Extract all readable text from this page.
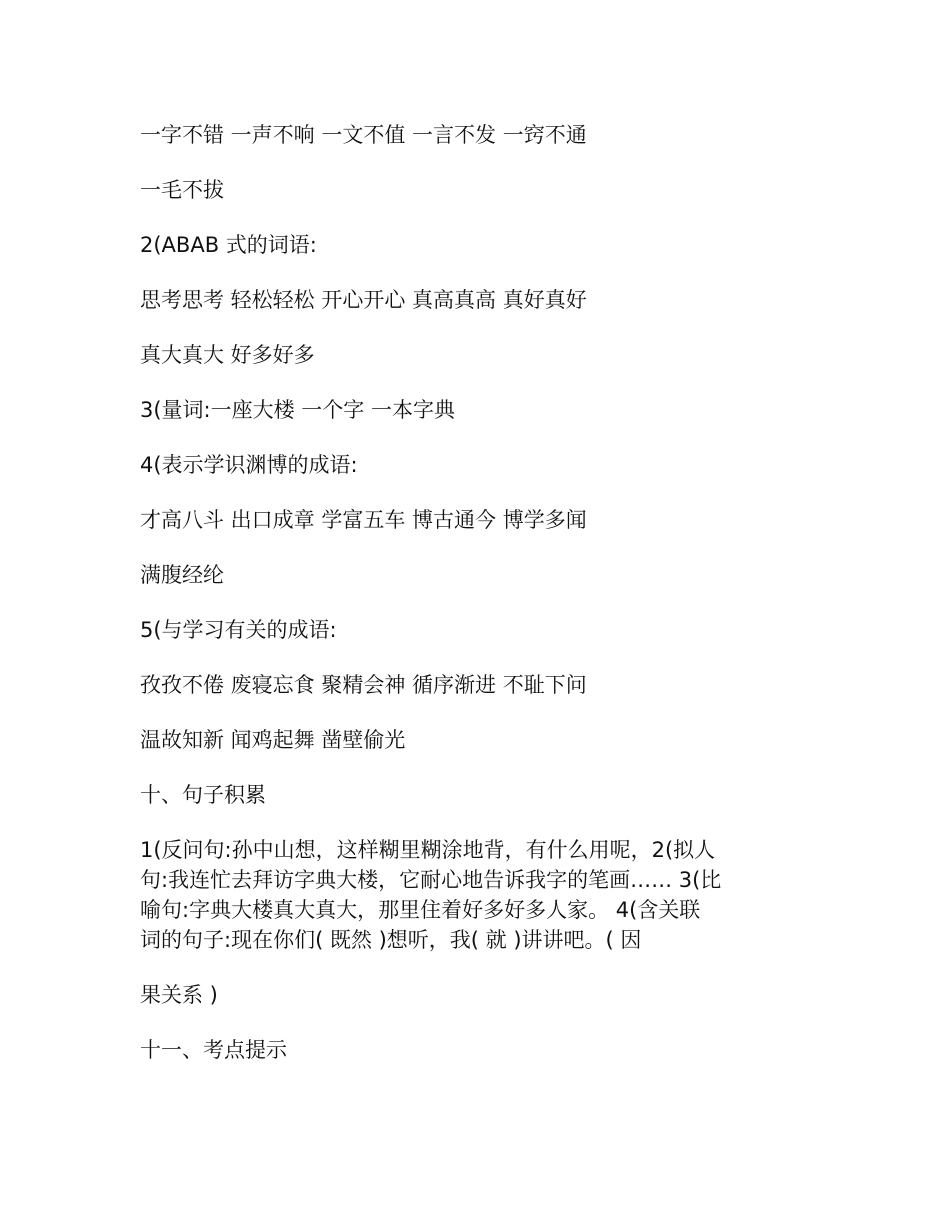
一字不错 一声不响 一文不值 一言不发 一窍不通
一毛不拔
2(ABAB 式的词语:
思考思考 轻松轻松 开心开心 真高真高 真好真好
真大真大 好多好多
3(量词:一座大楼 一个字 一本字典
4(表示学识渊博的成语:
才高八斗 出口成章 学富五车 博古通今 博学多闻
满腹经纶
5(与学习有关的成语:
孜孜不倦 废寝忘食 聚精会神 循序渐进 不耻下问
温故知新 闻鸡起舞 凿壁偷光
十、句子积累
1(反问句:孙中山想，这样糊里糊涂地背，有什么用呢，2(拟人
句:我连忙去拜访字典大楼，它耐心地告诉我字的笔画…… 3(比
喻句:字典大楼真大真大，那里住着好多好多人家。 4(含关联
词的句子:现在你们( 既然 )想听，我( 就 )讲讲吧。( 因
果关系 )
十一、考点提示
